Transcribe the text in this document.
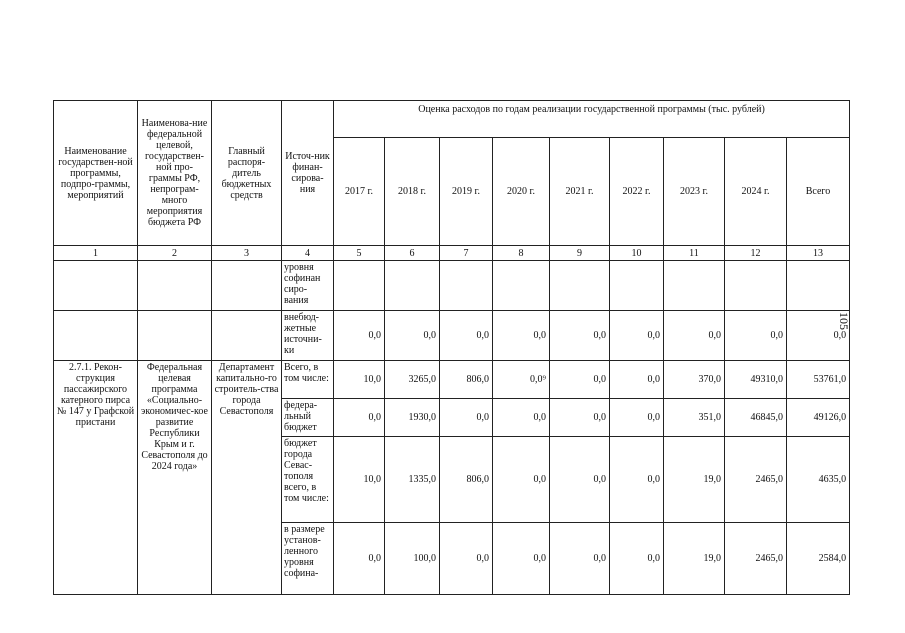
Наименование государствен-ной программы, подпро-граммы, мероприятий	Наименова-ние федеральной целевой, государствен-ной про-граммы РФ, непрограм-много мероприятия бюджета РФ	Главный распоря-дитель бюджетных средств	Источ-ник финан-сирова-ния	Оценка расходов по годам реализации государственной программы (тыс. рублей)								
				2017 г.	2018 г.	2019 г.	2020 г.	2021 г.	2022 г.	2023 г.	2024 г.	Всего
1	2	3	4	5	6	7	8	9	10	11	12	13
			уровня софинан сиро-вания									
			внебюд-жетные источни-ки	0,0	0,0	0,0	0,0	0,0	0,0	0,0	0,0	0,0
2.7.1. Рекон-струкция пассажирского катерного пирса № 147 у Графской пристани	Федеральная целевая программа «Социально-экономичес-кое развитие Республики Крым и г. Севастополя до 2024 года»	Департамент капитально-го строитель-ства города Севастополя	Всего, в том числе:	10,0	3265,0	806,0	0,0⁹	0,0	0,0	370,0	49310,0	53761,0
			федера-льный бюджет	0,0	1930,0	0,0	0,0	0,0	0,0	351,0	46845,0	49126,0
			бюджет города Севас-тополя всего, в том числе:	10,0	1335,0	806,0	0,0	0,0	0,0	19,0	2465,0	4635,0
			в размере установ-ленного уровня софина-	0,0	100,0	0,0	0,0	0,0	0,0	19,0	2465,0	2584,0
105
